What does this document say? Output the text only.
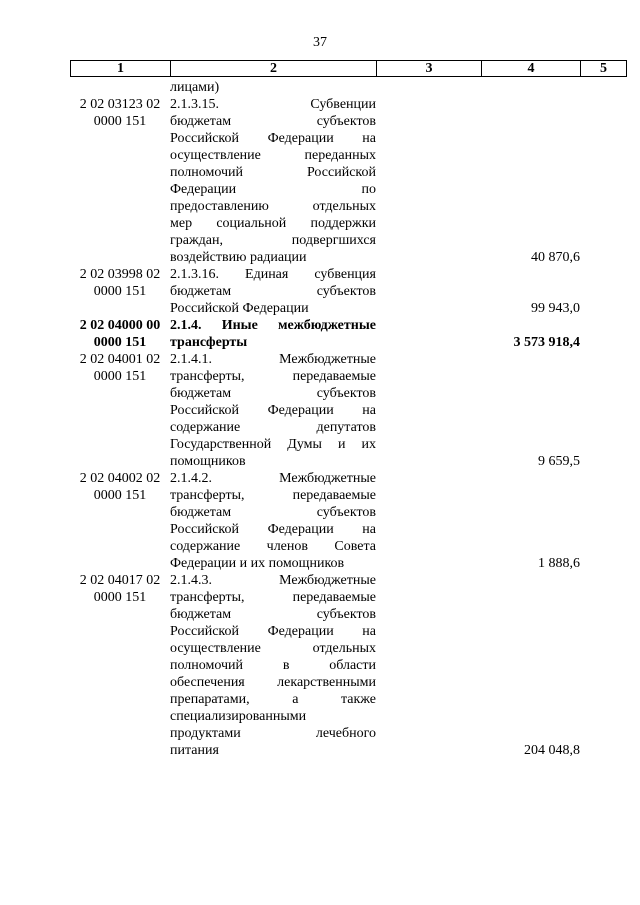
37
1	2	3	4	5
лицами)
2 02 03123 02
0000 151
2.1.3.15. Субвенции
бюджетам субъектов
Российской Федерации на
осуществление переданных
полномочий Российской
Федерации по
предоставлению отдельных
мер социальной поддержки
граждан, подвергшихся
воздействию радиации	40 870,6
2 02 03998 02
0000 151
2.1.3.16. Единая субвенция
бюджетам субъектов
Российской Федерации	99 943,0
2 02 04000 00
0000 151
2.1.4. Иные межбюджетные
трансферты	3 573 918,4
2 02 04001 02
0000 151
2.1.4.1. Межбюджетные
трансферты, передаваемые
бюджетам субъектов
Российской Федерации на
содержание депутатов
Государственной Думы и их
помощников	9 659,5
2 02 04002 02
0000 151
2.1.4.2. Межбюджетные
трансферты, передаваемые
бюджетам субъектов
Российской Федерации на
содержание членов Совета
Федерации и их помощников	1 888,6
2 02 04017 02
0000 151
2.1.4.3. Межбюджетные
трансферты, передаваемые
бюджетам субъектов
Российской Федерации на
осуществление отдельных
полномочий в области
обеспечения лекарственными
препаратами, а также
специализированными
продуктами лечебного
питания	204 048,8
